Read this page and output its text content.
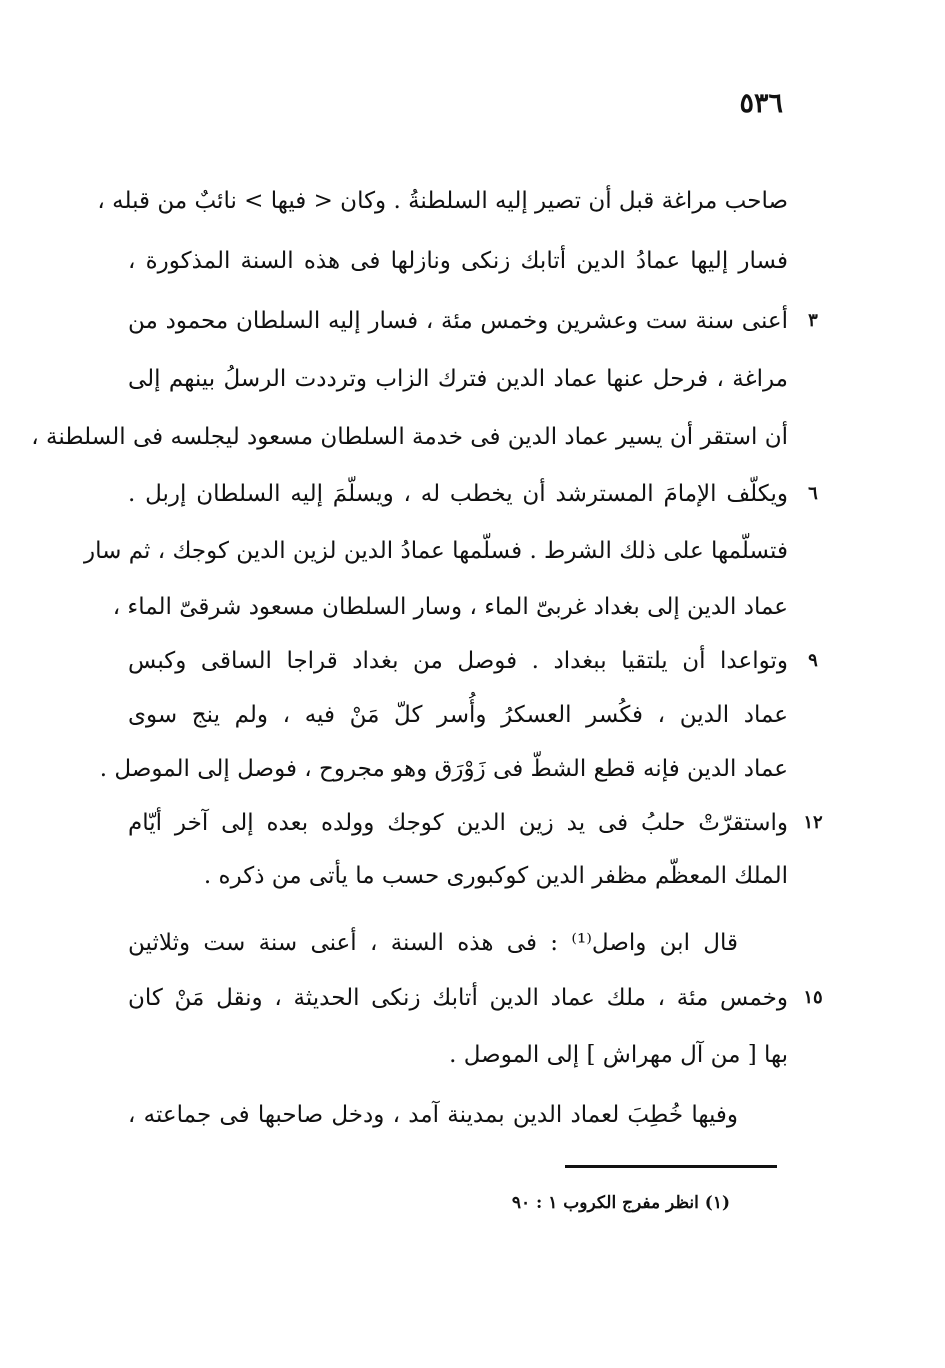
٥٣٦
صاحب مراغة قبل أن تصير إليه السلطنةُ . وكان < فيها > نائبٌ من قبله ،
فسار إليها عمادُ الدين أتابك زنكى ونازلها فى هذه السنة المذكورة ،
أعنى سنة ست وعشرين وخمس مئة ، فسار إليه السلطان محمود من
مراغة ، فرحل عنها عماد الدين فترك الزاب وترددت الرسلُ بينهم إلى
أن استقر أن يسير عماد الدين فى خدمة السلطان مسعود ليجلسه فى السلطنة ،
ويكلّف الإمامَ المسترشد أن يخطب له ، ويسلّمَ إليه السلطان إربل .
فتسلّمها على ذلك الشرط . فسلّمها عمادُ الدين لزين الدين كوجك ، ثم سار
عماد الدين إلى بغداد غربىّ الماء ، وسار السلطان مسعود شرقىّ الماء ،
وتواعدا أن يلتقيا ببغداد . فوصل من بغداد قراجا الساقى وكبس
عماد الدين ، فكُسر العسكرُ وأُسر كلّ مَنْ فيه ، ولم ينج سوى
عماد الدين فإنه قطع الشطّ فى زَوْرَق وهو مجروح ، فوصل إلى الموصل .
واستقرّتْ حلبُ فى يد زين الدين كوجك وولده بعده إلى آخر أيّام
الملك المعظّم مظفر الدين كوكبورى حسب ما يأتى من ذكره .
قال ابن واصل⁽¹⁾ : فى هذه السنة ، أعنى سنة ست وثلاثين
وخمس مئة ، ملك عماد الدين أتابك زنكى الحديثة ، ونقل مَنْ كان
بها [ من آل مهراش ] إلى الموصل .
وفيها خُطِبَ لعماد الدين بمدينة آمد ، ودخل صاحبها فى جماعته ،
٣
٦
٩
١٢
١٥
(١) انظر مفرج الكروب ١ : ٩٠
